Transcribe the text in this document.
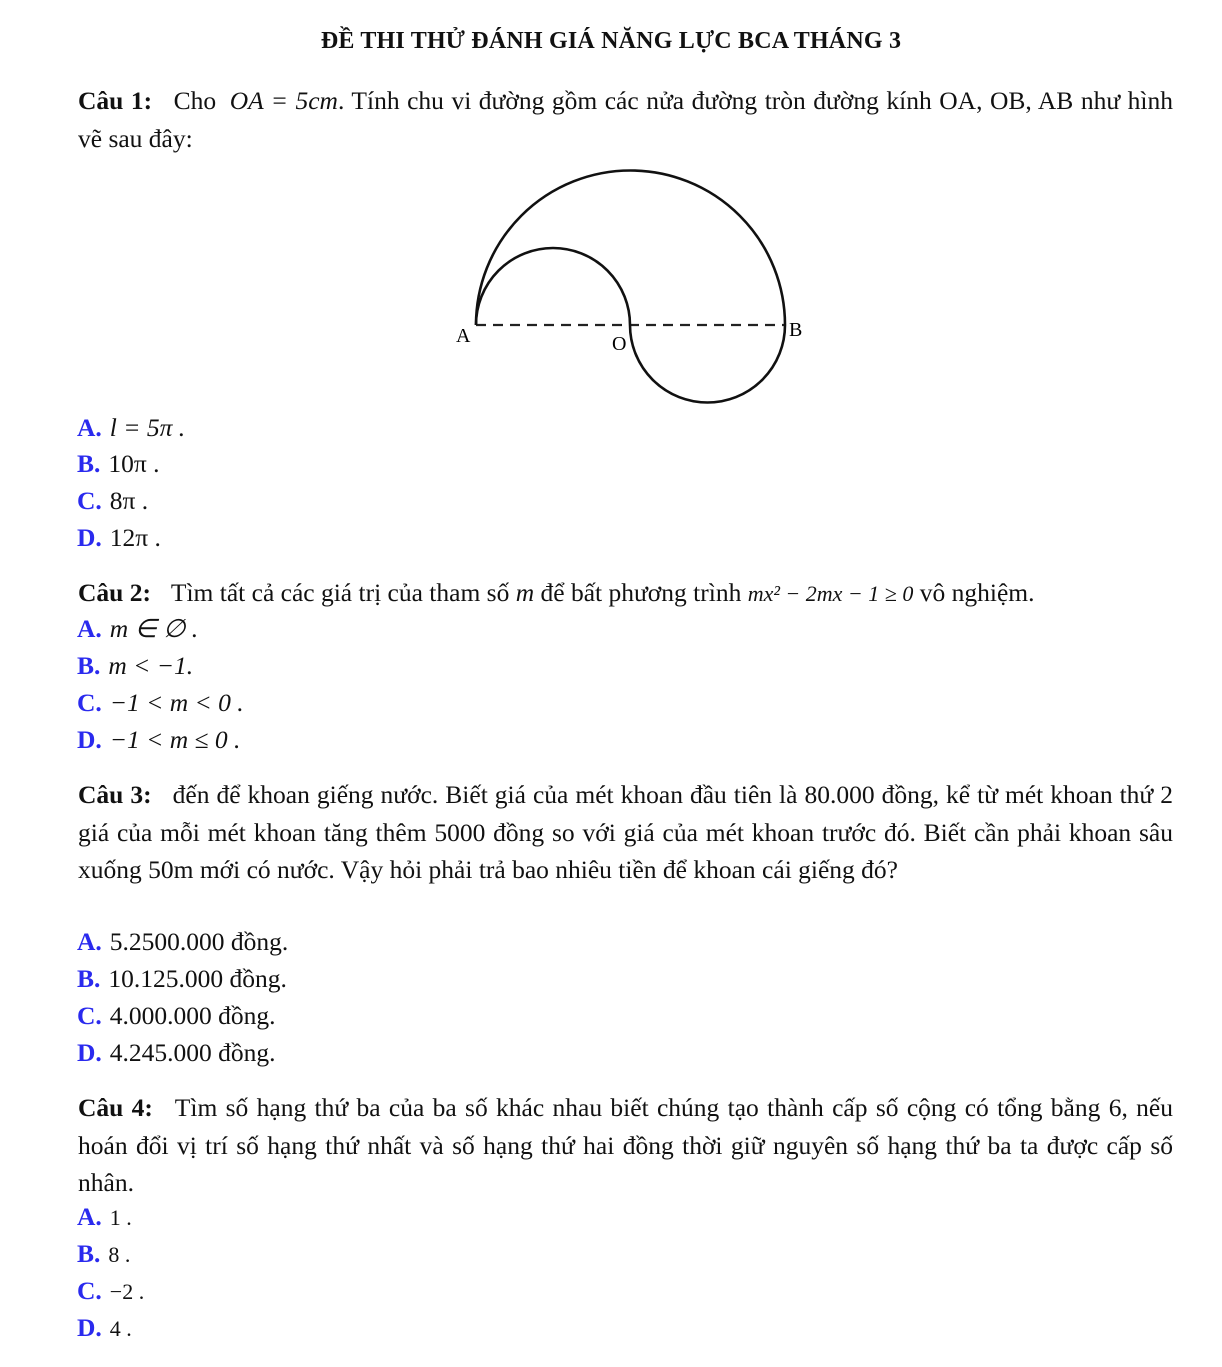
ĐỀ THI THỬ ĐÁNH GIÁ NĂNG LỰC BCA THÁNG 3
Câu 1: Cho OA = 5cm. Tính chu vi đường gồm các nửa đường tròn đường kính OA, OB, AB như hình vẽ sau đây:
A	O
B
A. l = 5π .
B. 10π .
C. 8π .
D. 12π .
Câu 2: Tìm tất cả các giá trị của tham số m để bất phương trình mx² − 2mx − 1 ≥ 0 vô nghiệm.
A. m ∈ ∅ .
B. m < −1.
C. −1 < m < 0 .
D. −1 < m ≤ 0 .
Câu 3: đến để khoan giếng nước. Biết giá của mét khoan đầu tiên là 80.000 đồng, kể từ mét khoan thứ 2 giá của mỗi mét khoan tăng thêm 5000 đồng so với giá của mét khoan trước đó. Biết cần phải khoan sâu xuống 50m mới có nước. Vậy hỏi phải trả bao nhiêu tiền để khoan cái giếng đó?
A. 5.2500.000 đồng.
B. 10.125.000 đồng.
C. 4.000.000 đồng.
D. 4.245.000 đồng.
Câu 4: Tìm số hạng thứ ba của ba số khác nhau biết chúng tạo thành cấp số cộng có tổng bằng 6, nếu hoán đổi vị trí số hạng thứ nhất và số hạng thứ hai đồng thời giữ nguyên số hạng thứ ba ta được cấp số nhân.
A. 1 .
B. 8 .
C. −2 .
D. 4 .
